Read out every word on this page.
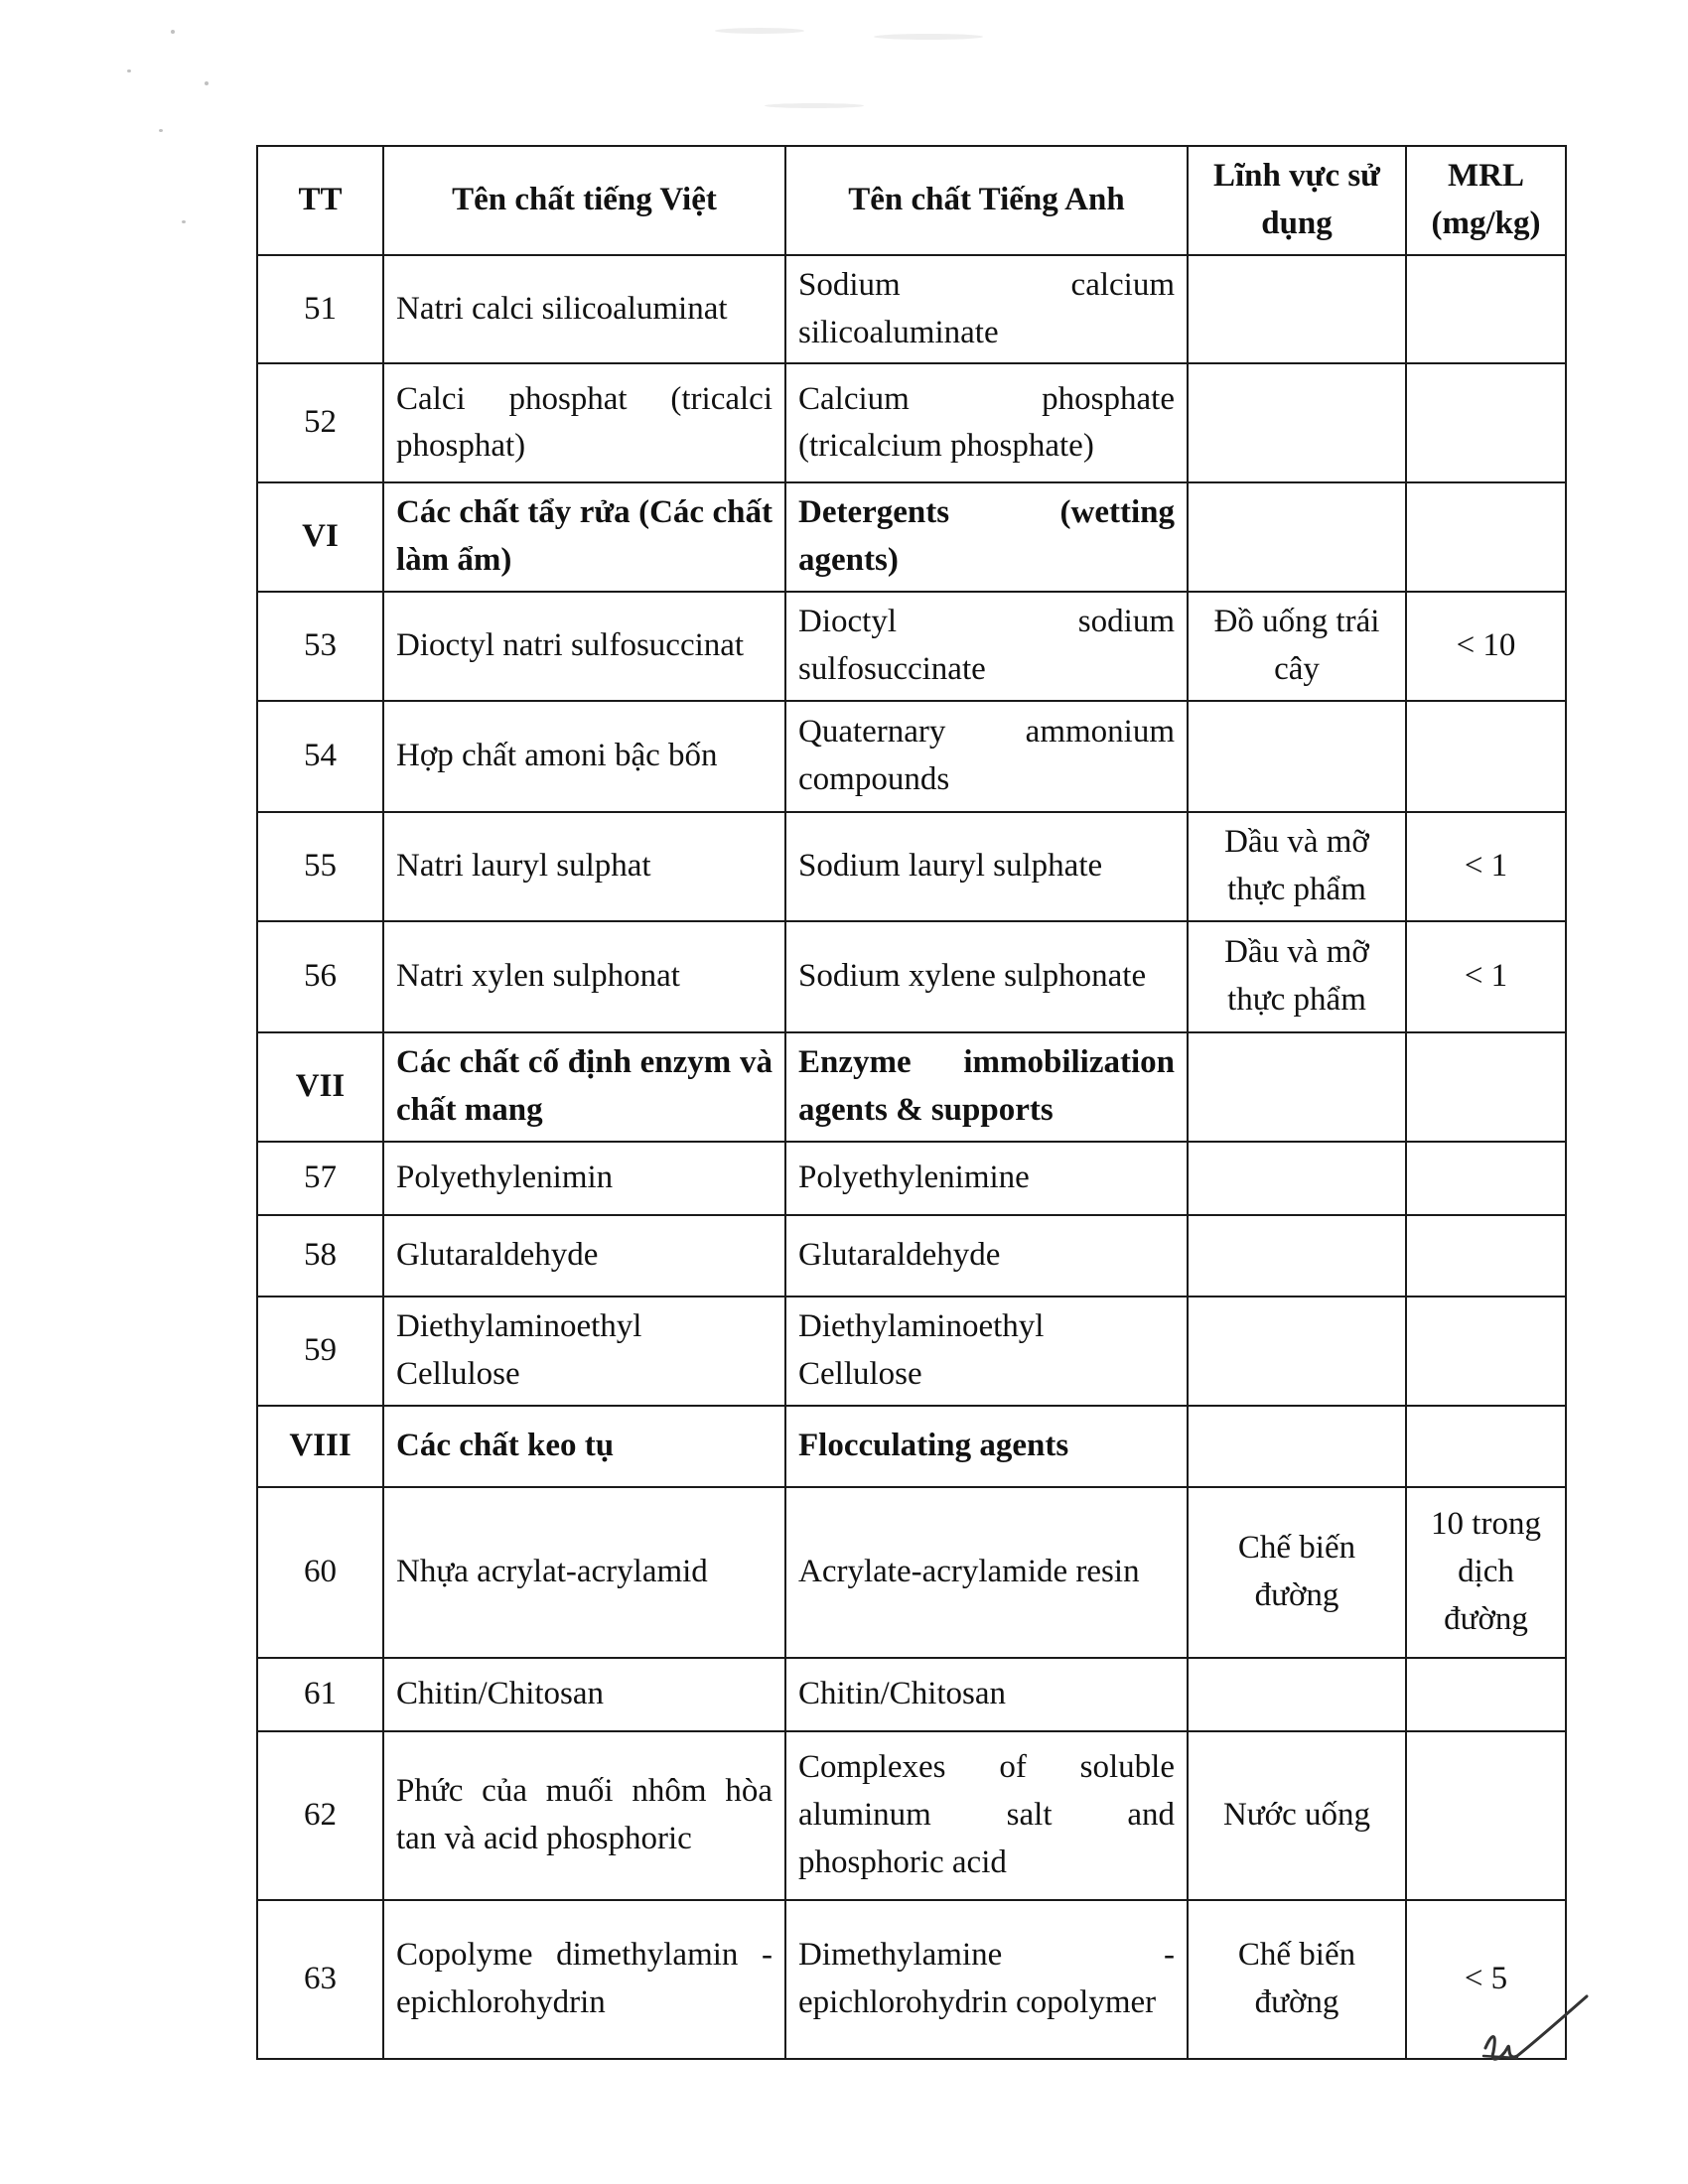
TT	Tên chất tiếng Việt	Tên chất Tiếng Anh	Lĩnh vực sử dụng	MRL (mg/kg)
51	Natri calci silicoaluminat	Sodium calcium silicoaluminate		
52	Calci phosphat (tricalci phosphat)	Calcium phosphate (tricalcium phosphate)		
VI	Các chất tẩy rửa (Các chất làm ẩm)	Detergents (wetting agents)		
53	Dioctyl natri sulfosuccinat	Dioctyl sodium sulfosuccinate	Đồ uống trái cây	< 10
54	Hợp chất amoni bậc bốn	Quaternary ammonium compounds		
55	Natri lauryl sulphat	Sodium lauryl sulphate	Dầu và mỡ thực phẩm	< 1
56	Natri xylen sulphonat	Sodium xylene sulphonate	Dầu và mỡ thực phẩm	< 1
VII	Các chất cố định enzym và chất mang	Enzyme immobilization agents & supports		
57	Polyethylenimin	Polyethylenimine		
58	Glutaraldehyde	Glutaraldehyde		
59	Diethylaminoethyl Cellulose	Diethylaminoethyl Cellulose		
VIII	Các chất keo tụ	Flocculating agents		
60	Nhựa acrylat-acrylamid	Acrylate-acrylamide resin	Chế biến đường	10 trong dịch đường
61	Chitin/Chitosan	Chitin/Chitosan		
62	Phức của muối nhôm hòa tan và acid phosphoric	Complexes of soluble aluminum salt and phosphoric acid	Nước uống	
63	Copolyme dimethylamin - epichlorohydrin	Dimethylamine - epichlorohydrin copolymer	Chế biến đường	< 5
